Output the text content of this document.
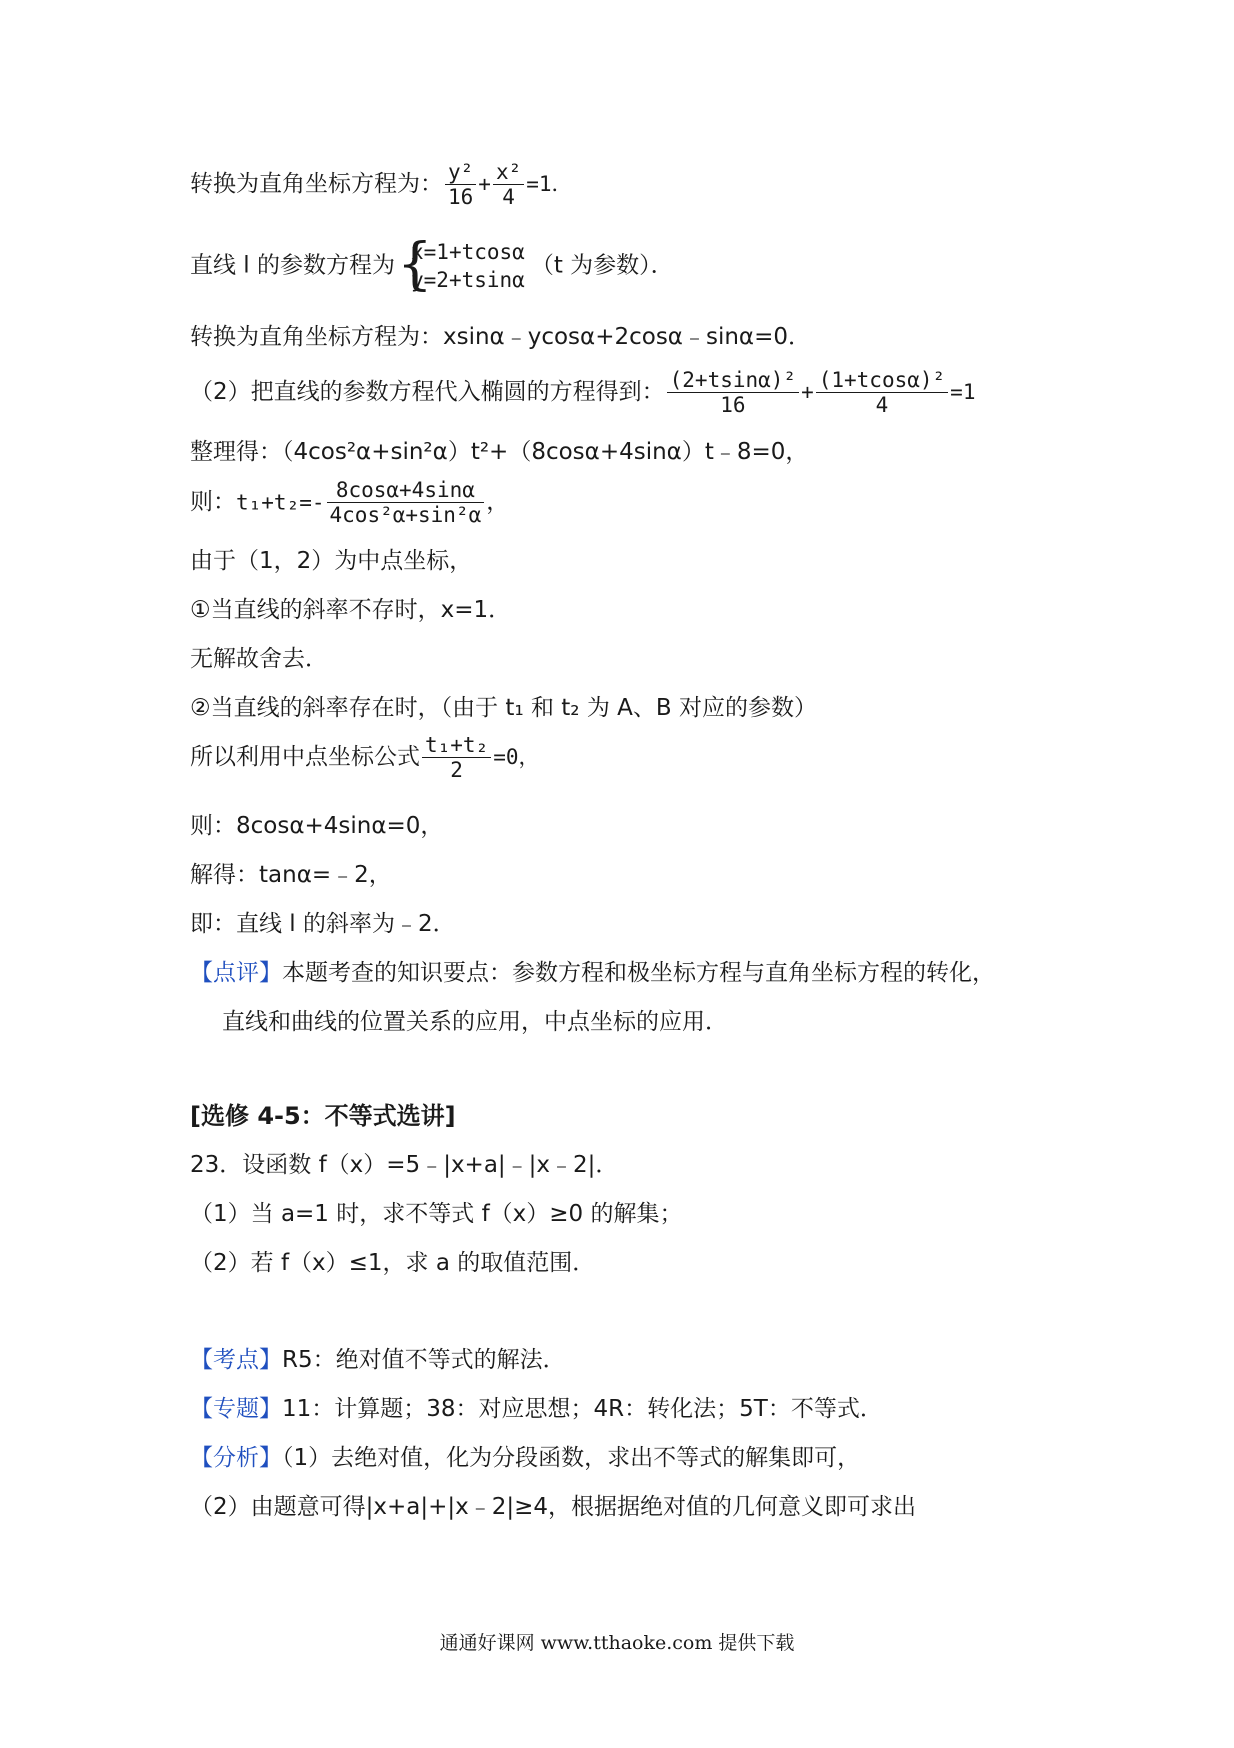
转换为直角坐标方程为： $\frac{\text{y²}}{16} + \frac{\text{x²}}{4} =1$．
直线 l 的参数方程为 {
x=1+tcosα
y=2+tsinα
（t 为参数）．
转换为直角坐标方程为：xsinα﹣ycosα+2cosα﹣sinα=0．
（2）把直线的参数方程代入椭圆的方程得到： $\frac{\text{(2+tsinα)²}}{16} + \frac{\text{(1+tcosα)²}}{4} =1$
整理得：（4cos²α+sin²α）t²+（8cosα+4sinα）t﹣8=0，
则：$t_1+t_2=- \frac{8\cos\alpha+4\sin\alpha}{\text{4cos²α+sin²α}}$ ，
由于（1，2）为中点坐标，
①当直线的斜率不存时，x=1．
无解故舍去．
②当直线的斜率存在时，（由于 t₁ 和 t₂ 为 A、B 对应的参数）
所以利用中点坐标公式 $\frac{\text{t₁+t₂}}{2} =0$，
则：8cosα+4sinα=0，
解得：tanα=﹣2，
即：直线 l 的斜率为﹣2．
【点评】本题考查的知识要点：参数方程和极坐标方程与直角坐标方程的转化，
直线和曲线的位置关系的应用，中点坐标的应用．
[选修 4-5：不等式选讲]
23．设函数 f（x）=5﹣|x+a|﹣|x﹣2|．
（1）当 a=1 时，求不等式 f（x）≥0 的解集；
（2）若 f（x）≤1，求 a 的取值范围．
【考点】R5：绝对值不等式的解法．
【专题】11：计算题；38：对应思想；4R：转化法；5T：不等式．
【分析】（1）去绝对值，化为分段函数，求出不等式的解集即可，
（2）由题意可得|x+a|+|x﹣2|≥4，根据据绝对值的几何意义即可求出
通通好课网 www.tthaoke.com 提供下载
